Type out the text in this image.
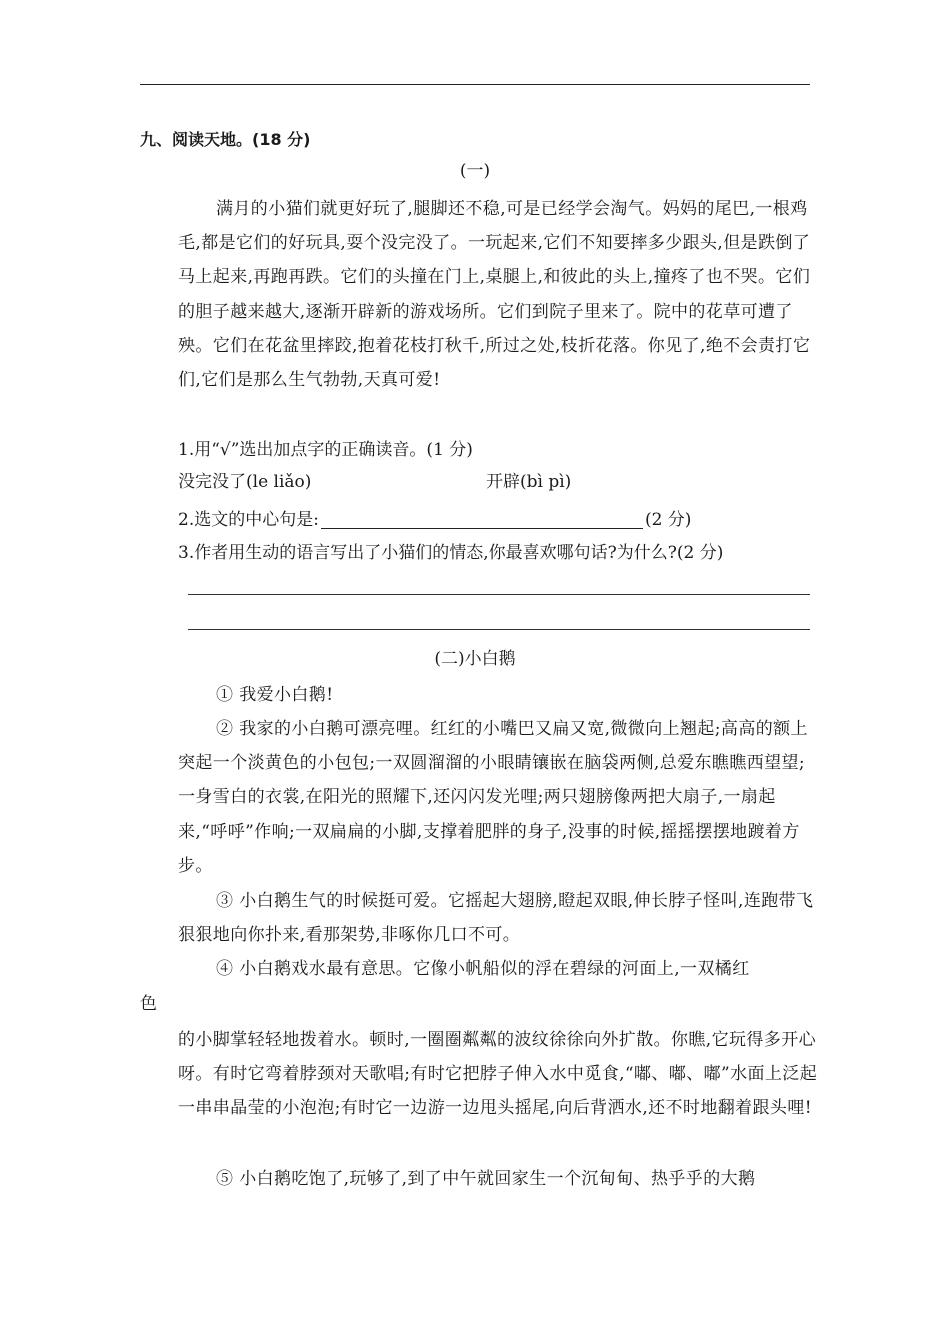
九、阅读天地。(18 分)
(一)
满月的小猫们就更好玩了,腿脚还不稳,可是已经学会淘气。妈妈的尾巴,一根鸡毛,都是它们的好玩具,耍个没完没了。一玩起来,它们不知要摔多少跟头,但是跌倒了马上起来,再跑再跌。它们的头撞在门上,桌腿上,和彼此的头上,撞疼了也不哭。它们的胆子越来越大,逐渐开辟新的游戏场所。它们到院子里来了。院中的花草可遭了殃。它们在花盆里摔跤,抱着花枝打秋千,所过之处,枝折花落。你见了,绝不会责打它们,它们是那么生气勃勃,天真可爱!
1.用“√”选出加点字的正确读音。(1 分)
没完没了(le liǎo)	开辟(bì pì)
2.选文的中心句是:	(2 分)
3.作者用生动的语言写出了小猫们的情态,你最喜欢哪句话?为什么?(2 分)
(二)小白鹅
① 我爱小白鹅!
② 我家的小白鹅可漂亮哩。红红的小嘴巴又扁又宽,微微向上翘起;高高的额上突起一个淡黄色的小包包;一双圆溜溜的小眼睛镶嵌在脑袋两侧,总爱东瞧瞧西望望;一身雪白的衣裳,在阳光的照耀下,还闪闪发光哩;两只翅膀像两把大扇子,一扇起来,“呼呼”作响;一双扁扁的小脚,支撑着肥胖的身子,没事的时候,摇摇摆摆地踱着方步。
③ 小白鹅生气的时候挺可爱。它摇起大翅膀,瞪起双眼,伸长脖子怪叫,连跑带飞狠狠地向你扑来,看那架势,非啄你几口不可。
④ 小白鹅戏水最有意思。它像小帆船似的浮在碧绿的河面上,一双橘红
色
的小脚掌轻轻地拨着水。顿时,一圈圈粼粼的波纹徐徐向外扩散。你瞧,它玩得多开心呀。有时它弯着脖颈对天歌唱;有时它把脖子伸入水中觅食,“嘟、嘟、嘟”水面上泛起一串串晶莹的小泡泡;有时它一边游一边甩头摇尾,向后背洒水,还不时地翻着跟头哩!
⑤ 小白鹅吃饱了,玩够了,到了中午就回家生一个沉甸甸、热乎乎的大鹅
